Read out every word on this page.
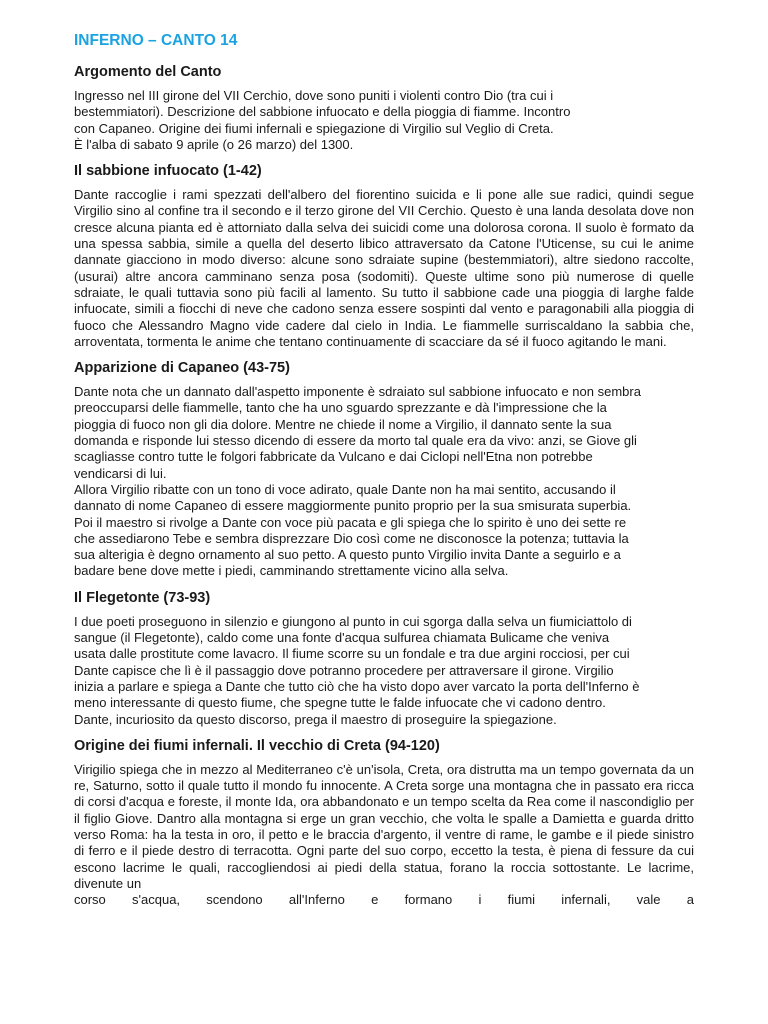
INFERNO – CANTO 14
Argomento del Canto
Ingresso nel III girone del VII Cerchio, dove sono puniti i violenti contro Dio (tra cui i
bestemmiatori). Descrizione del sabbione infuocato e della pioggia di fiamme. Incontro
con Capaneo. Origine dei fiumi infernali e spiegazione di Virgilio sul Veglio di Creta.
È l'alba di sabato 9 aprile (o 26 marzo) del 1300.
Il sabbione infuocato (1-42)
Dante raccoglie i rami spezzati dell'albero del fiorentino suicida e li pone alle sue radici, quindi segue Virgilio sino al confine tra il secondo e il terzo girone del VII Cerchio. Questo è una landa desolata dove non cresce alcuna pianta ed è attorniato dalla selva dei suicidi come una dolorosa corona. Il suolo è formato da una spessa sabbia, simile a quella del deserto libico attraversato da Catone l'Uticense, su cui le anime dannate giacciono in modo diverso: alcune sono sdraiate supine (bestemmiatori), altre siedono raccolte, (usurai) altre ancora camminano senza posa (sodomiti). Queste ultime sono più numerose di quelle sdraiate, le quali tuttavia sono più facili al lamento. Su tutto il sabbione cade una pioggia di larghe falde infuocate, simili a fiocchi di neve che cadono senza essere sospinti dal vento e paragonabili alla pioggia di fuoco che Alessandro Magno vide cadere dal cielo in India. Le fiammelle surriscaldano la sabbia che, arroventata, tormenta le anime che tentano continuamente di scacciare da sé il fuoco agitando le mani.
Apparizione di Capaneo (43-75)
Dante nota che un dannato dall'aspetto imponente è sdraiato sul sabbione infuocato e non sembra
preoccuparsi delle fiammelle, tanto che ha uno sguardo sprezzante e dà l'impressione che la
pioggia di fuoco non gli dia dolore. Mentre ne chiede il nome a Virgilio, il dannato sente la sua
domanda e risponde lui stesso dicendo di essere da morto tal quale era da vivo: anzi, se Giove gli
scagliasse contro tutte le folgori fabbricate da Vulcano e dai Ciclopi nell'Etna non potrebbe
vendicarsi di lui.
Allora Virgilio ribatte con un tono di voce adirato, quale Dante non ha mai sentito, accusando il
dannato di nome Capaneo di essere maggiormente punito proprio per la sua smisurata superbia.
Poi il maestro si rivolge a Dante con voce più pacata e gli spiega che lo spirito è uno dei sette re
che assediarono Tebe e sembra disprezzare Dio così come ne disconosce la potenza; tuttavia la
sua alterigia è degno ornamento al suo petto. A questo punto Virgilio invita Dante a seguirlo e a
badare bene dove mette i piedi, camminando strettamente vicino alla selva.
Il Flegetonte (73-93)
I due poeti proseguono in silenzio e giungono al punto in cui sgorga dalla selva un fiumiciattolo di
sangue (il Flegetonte), caldo come una fonte d'acqua sulfurea chiamata Bulicame che veniva
usata dalle prostitute come lavacro. Il fiume scorre su un fondale e tra due argini rocciosi, per cui
Dante capisce che lì è il passaggio dove potranno procedere per attraversare il girone. Virgilio
inizia a parlare e spiega a Dante che tutto ciò che ha visto dopo aver varcato la porta dell'Inferno è
meno interessante di questo fiume, che spegne tutte le falde infuocate che vi cadono dentro.
Dante, incuriosito da questo discorso, prega il maestro di proseguire la spiegazione.
Origine dei fiumi infernali. Il vecchio di Creta (94-120)
Virigilio spiega che in mezzo al Mediterraneo c'è un'isola, Creta, ora distrutta ma un tempo governata da un re, Saturno, sotto il quale tutto il mondo fu innocente. A Creta sorge una montagna che in passato era ricca di corsi d'acqua e foreste, il monte Ida, ora abbandonato e un tempo scelta da Rea come il nascondiglio per il figlio Giove. Dantro alla montagna si erge un gran vecchio, che volta le spalle a Damietta e guarda dritto verso Roma: ha la testa in oro, il petto e le braccia d'argento, il ventre di rame, le gambe e il piede sinistro di ferro e il piede destro di terracotta. Ogni parte del suo corpo, eccetto la testa, è piena di fessure da cui escono lacrime le quali, raccogliendosi ai piedi della statua, forano la roccia sottostante. Le lacrime, divenute un
corso s'acqua, scendono all'Inferno e formano i fiumi infernali, vale a
